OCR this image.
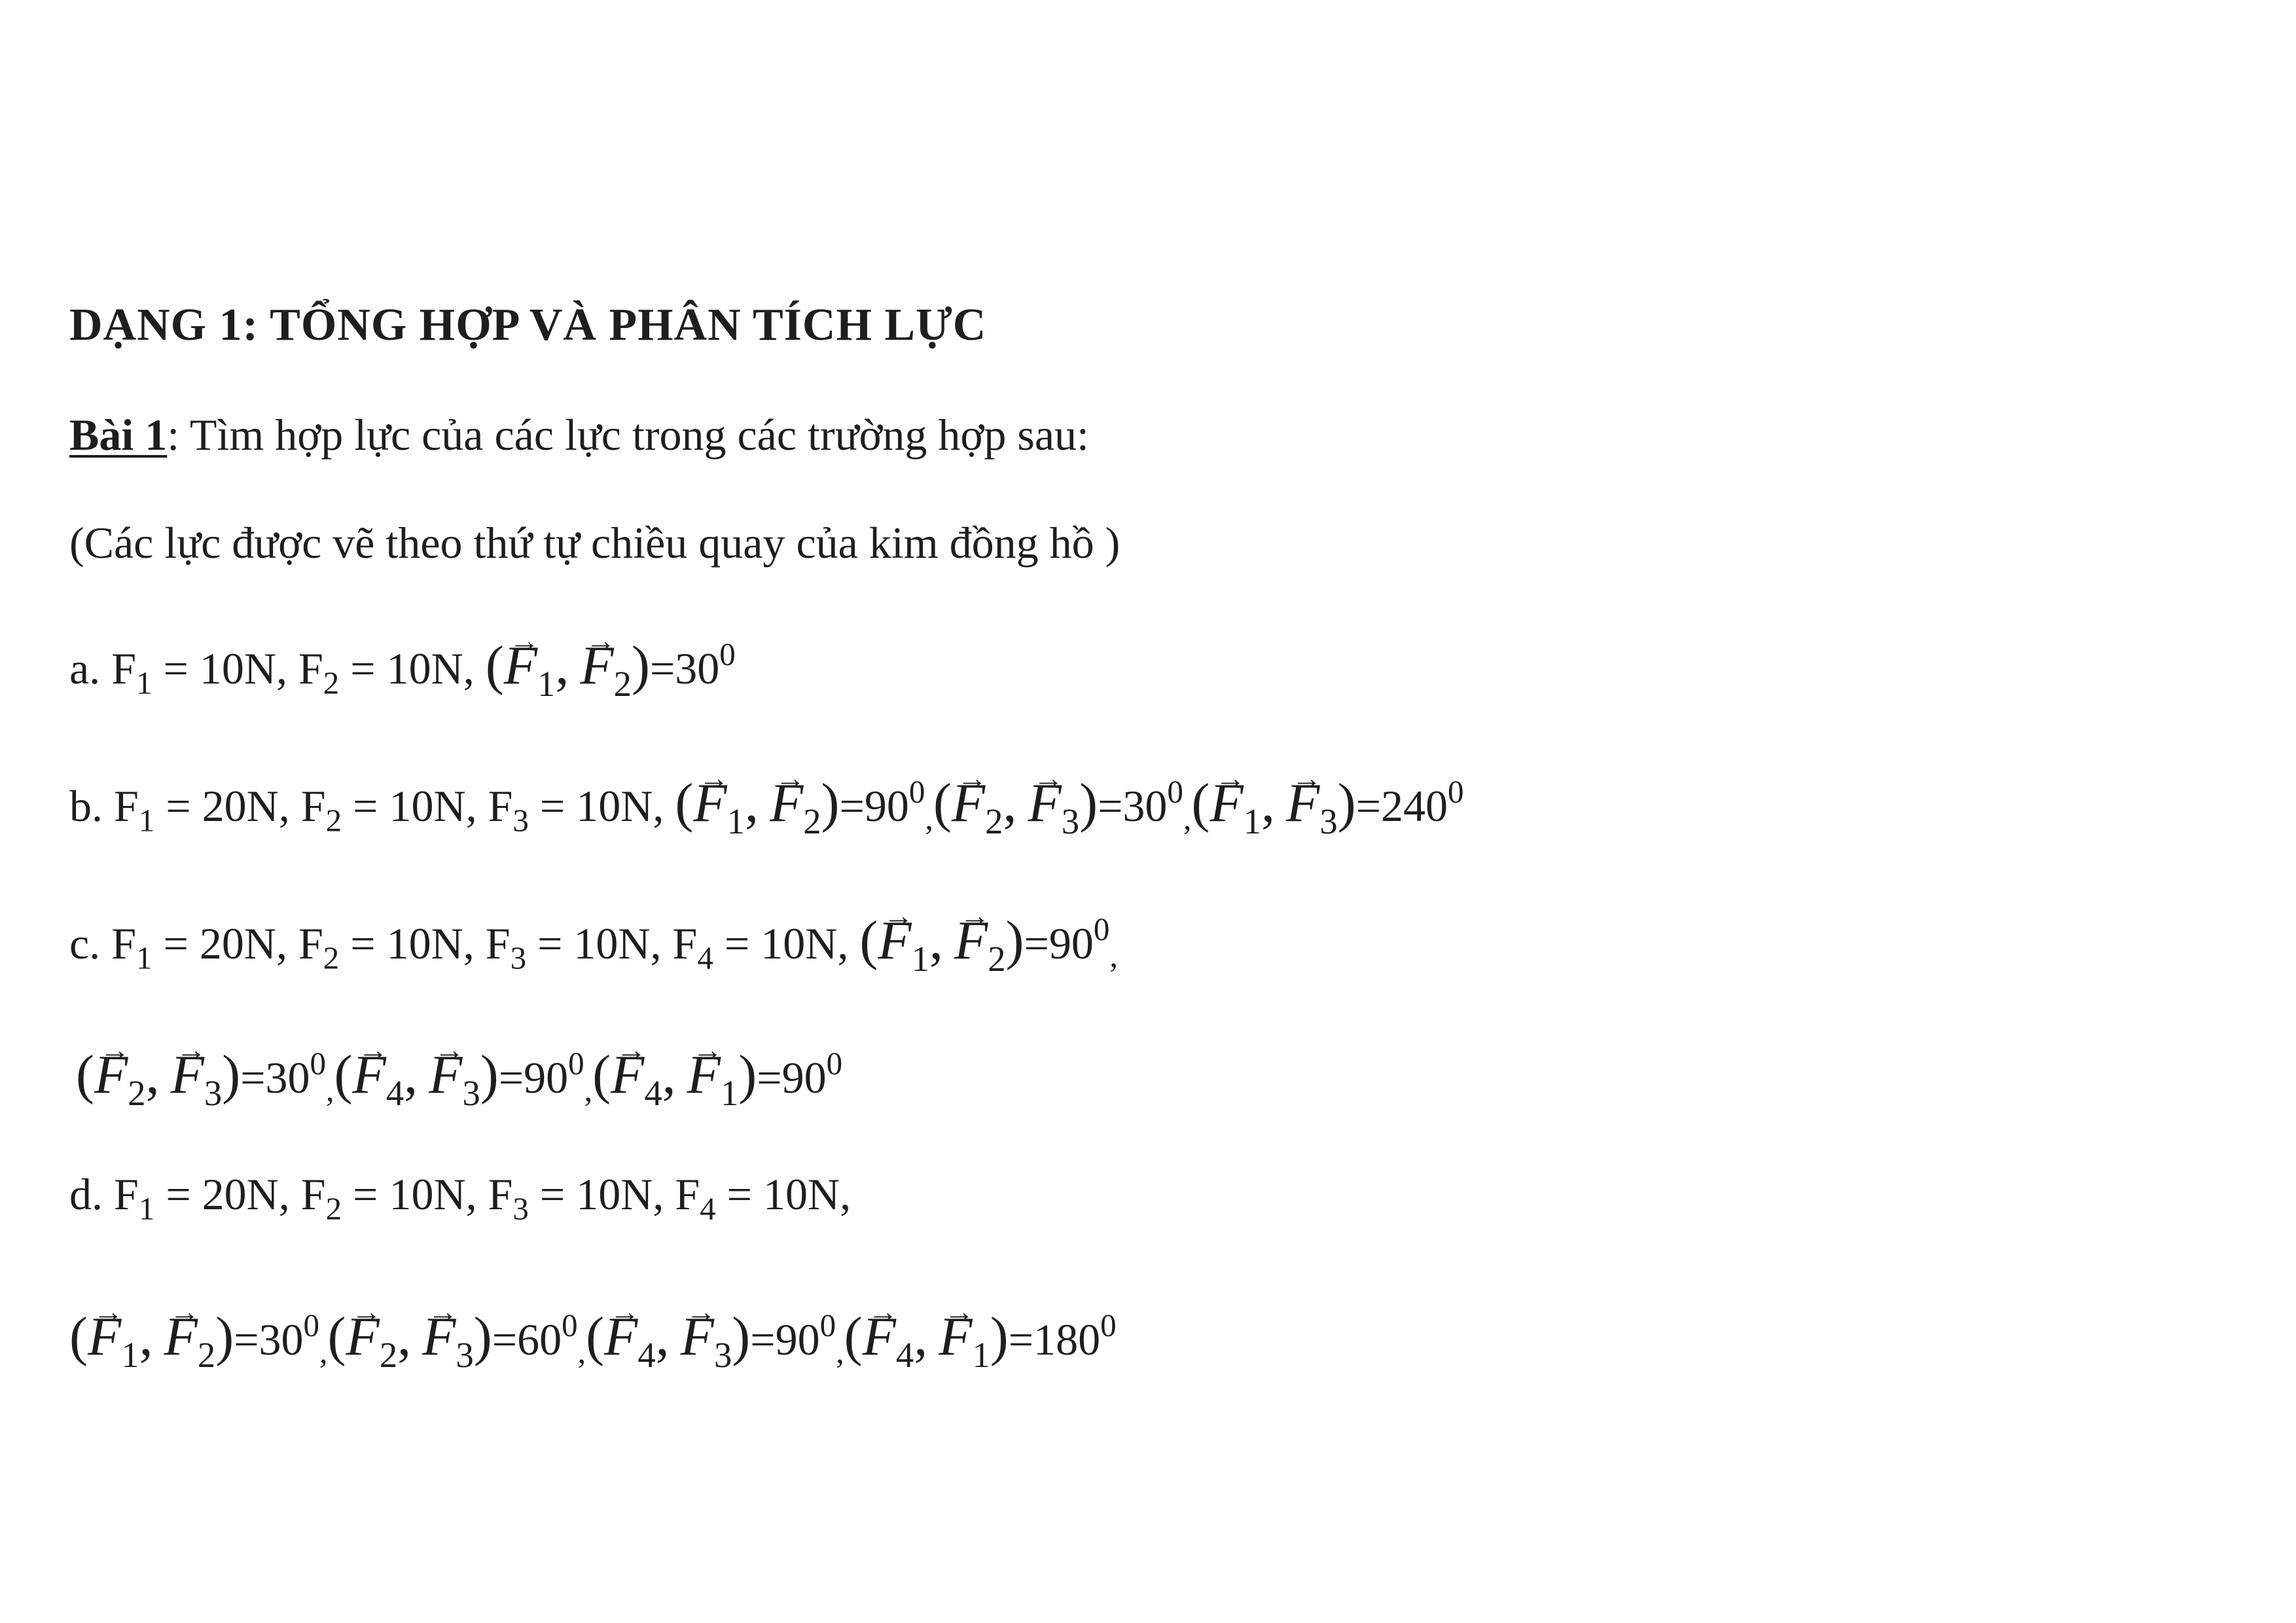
DẠNG 1: TỔNG HỢP VÀ PHÂN TÍCH LỰC
Bài 1: Tìm hợp lực của các lực trong các trường hợp sau:
(Các lực được vẽ theo thứ tự chiều quay của kim đồng hồ )
a. $F_1 = 10N$, $F_2 = 10N$, (→ $F_1$, → $F_2)=30^0$
b. $F_1 = 20N$, $F_2 = 10N$, $F_3 = 10N$, (→ $F_1$, → $F_2)=90^0,(\to F_2$, → $F_3)=30^0,(\to F_1$, → $F_3)=240^0$
c. $F_1 = 20N$, $F_2 = 10N$, $F_3 = 10N$, $F_4 = 10N$, (→ $F_1$, → $F_2)=90^0$,
(→ $F_2$, → $F_3)=30^0,(\to F_4$, → $F_3)=90^0,(\to F_4$, → $F_1)=90^0$
d. $F_1 = 20N$, $F_2 = 10N$, $F_3 = 10N$, $F_4 = 10N$,
(→ $F_1$, → $F_2)=30^0,(\to F_2$, → $F_3)=60^0,(\to F_4$, → $F_3)=90^0,(\to F_4$, → $F_1)=180^0$
